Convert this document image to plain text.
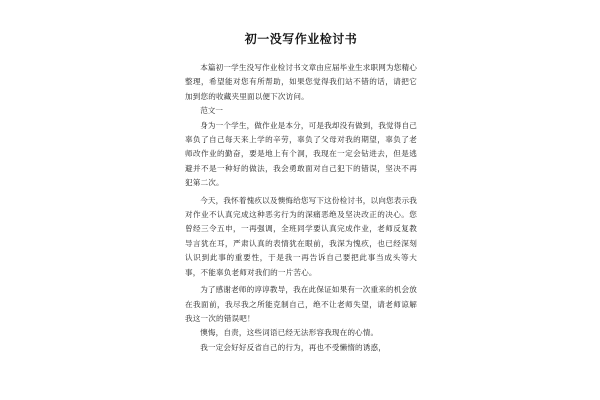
初一没写作业检讨书

本篇初一学生没写作业检讨书文章由应届毕业生求职网为您精心整理，希望能对您有所帮助，如果您觉得我们站不错的话，请把它加到您的收藏夹里面以便下次访问。

范文一

身为一个学生，做作业是本分，可是我却没有做到，我觉得自己辜负了自己每天来上学的辛劳，辜负了父母对我的期望，辜负了老师改作业的勤奋，要是地上有个洞，我现在一定会钻进去，但是逃避并不是一种好的做法，我会勇敢面对自己犯下的错误，坚决不再犯第二次。

今天，我怀着愧疚以及懊悔给您写下这份检讨书，以向您表示我对作业不认真完成这种恶劣行为的深痛恶绝及坚决改正的决心。您曾经三令五申，一再强调，全班同学要认真完成作业，老师反复教导言犹在耳，严肃认真的表情犹在眼前，我深为愧疚，也已经深刻认识到此事的重要性，于是我一再告诉自己要把此事当成头等大事，不能辜负老师对我们的一片苦心。

为了感谢老师的谆谆教导，我在此保证如果有一次重来的机会放在我面前，我尽我之所能克制自己，绝不让老师失望，请老师谅解我这一次的错误吧！

懊悔，自责，这些词语已经无法形容我现在的心情。

我一定会好好反省自己的行为，再也不受懒惰的诱惑，
